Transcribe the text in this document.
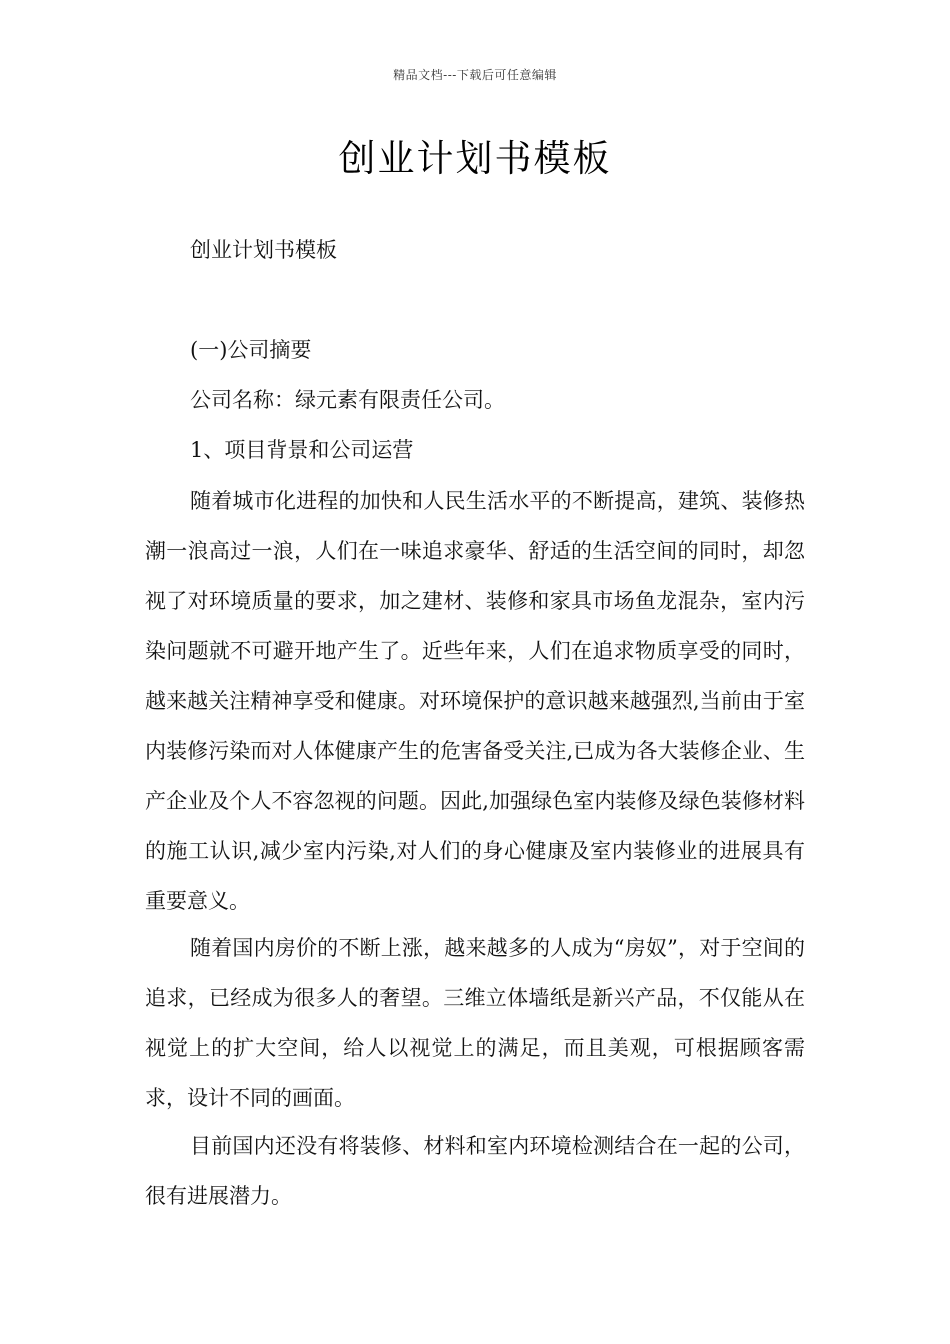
精品文档---下载后可任意编辑
创业计划书模板

创业计划书模板

(一)公司摘要

公司名称：绿元素有限责任公司。

1、项目背景和公司运营

随着城市化进程的加快和人民生活水平的不断提高，建筑、装修热潮一浪高过一浪，人们在一味追求豪华、舒适的生活空间的同时，却忽视了对环境质量的要求，加之建材、装修和家具市场鱼龙混杂，室内污染问题就不可避开地产生了。近些年来，人们在追求物质享受的同时，越来越关注精神享受和健康。对环境保护的意识越来越强烈,当前由于室内装修污染而对人体健康产生的危害备受关注,已成为各大装修企业、生产企业及个人不容忽视的问题。因此,加强绿色室内装修及绿色装修材料的施工认识,减少室内污染,对人们的身心健康及室内装修业的进展具有重要意义。

随着国内房价的不断上涨，越来越多的人成为“房奴”，对于空间的追求，已经成为很多人的奢望。三维立体墙纸是新兴产品，不仅能从在视觉上的扩大空间，给人以视觉上的满足，而且美观，可根据顾客需求，设计不同的画面。

目前国内还没有将装修、材料和室内环境检测结合在一起的公司，很有进展潜力。
